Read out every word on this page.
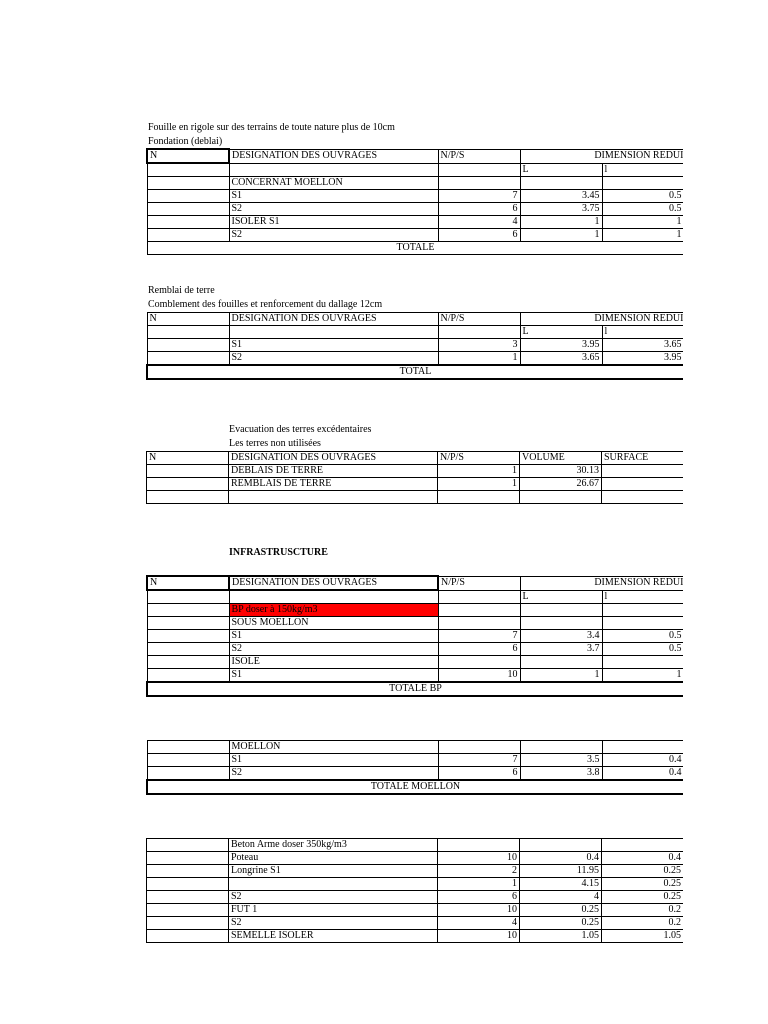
Fouille en rigole sur des terrains de toute nature plus de 10cm
Fondation (deblai)
N	DESIGNATION DES OUVRAGES	N/P/S	DIMENSION REDUI	
			L	l
	CONCERNAT MOELLON			
	S1	7	3.45	0.5
	S2	6	3.75	0.5
	ISOLER S1	4	1	1
	S2	6	1	1
TOTALE				
Remblai de terre
Comblement des fouilles et renforcement du dallage 12cm
N	DESIGNATION DES OUVRAGES	N/P/S	DIMENSION REDUI	
			L	l
	S1	3	3.95	3.65
	S2	1	3.65	3.95
TOTAL				
Evacuation des terres excédentaires
Les terres non utilisées
N	DESIGNATION DES OUVRAGES	N/P/S	VOLUME	SURFACE
	DEBLAIS DE TERRE	1	30.13	
	REMBLAIS DE TERRE	1	26.67	

INFRASTRUSCTURE
N	DESIGNATION DES OUVRAGES	N/P/S	DIMENSION REDUI	
			L	l
	BP doser à 150kg/m3			
	SOUS MOELLON			
	S1	7	3.4	0.5
	S2	6	3.7	0.5
	ISOLE			
	S1	10	1	1
TOTALE BP				
	MOELLON			
	S1	7	3.5	0.4
	S2	6	3.8	0.4
TOTALE MOELLON				
	Beton Arme doser 350kg/m3			
	Poteau	10	0.4	0.4
	Longrine S1	2	11.95	0.25
		1	4.15	0.25
	S2	6	4	0.25
	FUT 1	10	0.25	0.2
	S2	4	0.25	0.2
	SEMELLE ISOLER	10	1.05	1.05
